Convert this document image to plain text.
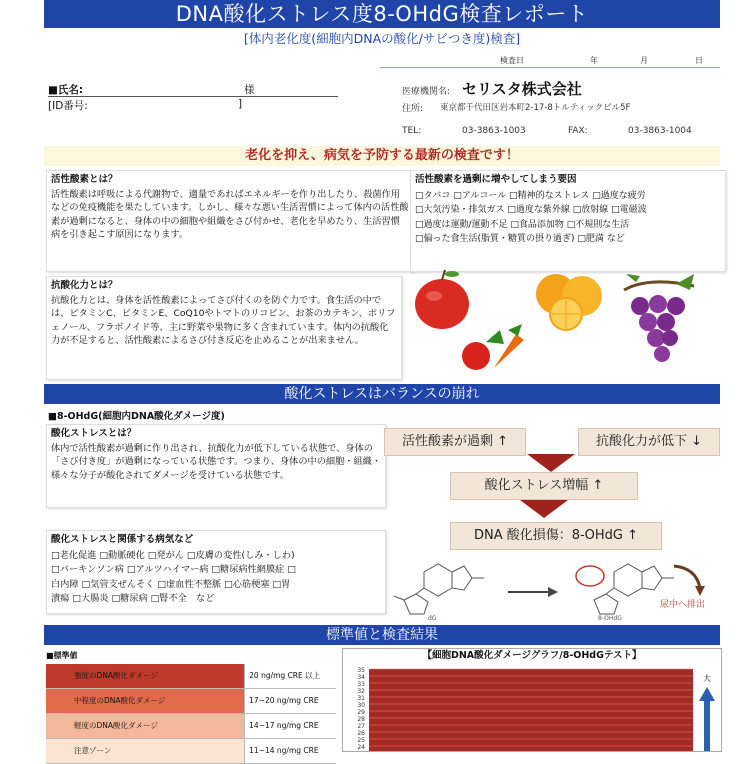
DNA酸化ストレス度8-OHdG検査レポート
[体内老化度(細胞内DNAの酸化/サビつき度)検査]
検査日	年	月	日
■氏名:	様
[ID番号:	]
医療機関名: セリスタ株式会社
住所: 東京都千代田区岩本町2-17-8トルティックビル5F
TEL:	03-3863-1003	FAX:	03-3863-1004
老化を抑え、病気を予防する最新の検査です！
活性酸素とは？
活性酸素は呼吸による代謝物で、適量であればエネルギーを作り出したり、殺菌作用などの免疫機能を果たしています。しかし、様々な悪い生活習慣によって体内の活性酸素が過剰になると、身体の中の細胞や組織をさび付かせ、老化を早めたり、生活習慣病を引き起こす原因になります。
活性酸素を過剰に増やしてしまう要因
□タバコ □アルコール □精神的なストレス □過度な疲労
□大気汚染・排気ガス □過度な紫外線 □放射線 □電磁波
□過度は運動/運動不足 □食品添加物 □不規則な生活
□偏った食生活(脂質・糖質の摂り過ぎ) □肥満 など
抗酸化力とは？
抗酸化力とは、身体を活性酸素によってさび付くのを防ぐ力です。食生活の中では、ビタミンC、ビタミンE、CoQ10やトマトのリコピン、お茶のカテキン、ポリフェノール、フラボノイド等、主に野菜や果物に多く含まれています。体内の抗酸化力が不足すると、活性酸素によるさび付き反応を止めることが出来ません。
酸化ストレスはバランスの崩れ
■8-OHdG(細胞内DNA酸化ダメージ度)
酸化ストレスとは？
体内で活性酸素が過剰に作り出され、抗酸化力が低下している状態で、身体の「さび付き度」が過剰になっている状態です。つまり、身体の中の細胞・組織・様々な分子が酸化されてダメージを受けている状態です。
酸化ストレスと関係する病気など
□老化促進 □動脈硬化 □発がん □皮膚の変性(しみ・しわ)
□パーキンソン病 □アルツハイマー病 □糖尿病性網膜症 □
白内障 □気管支ぜんそく □虚血性不整脈 □心筋梗塞 □胃
潰瘍 □大腸炎 □糖尿病 □腎不全　など
活性酸素が過剰 ↑	抗酸化力が低下 ↓
酸化ストレス増幅 ↑
DNA 酸化損傷：8-OHdG ↑
dG	8-OHdG
尿中へ排出
標準値と検査結果
■標準値
強度のDNA酸化ダメージ	20 ng/mg CRE 以上
中程度のDNA酸化ダメージ	17~20 ng/mg CRE
軽度のDNA酸化ダメージ	14~17 ng/mg CRE
注意ゾーン	11~14 ng/mg CRE
【細胞DNA酸化ダメージグラフ/8-OHdGテスト】
35
34
33
32
31
30
29
28
27
26
25
24
大
